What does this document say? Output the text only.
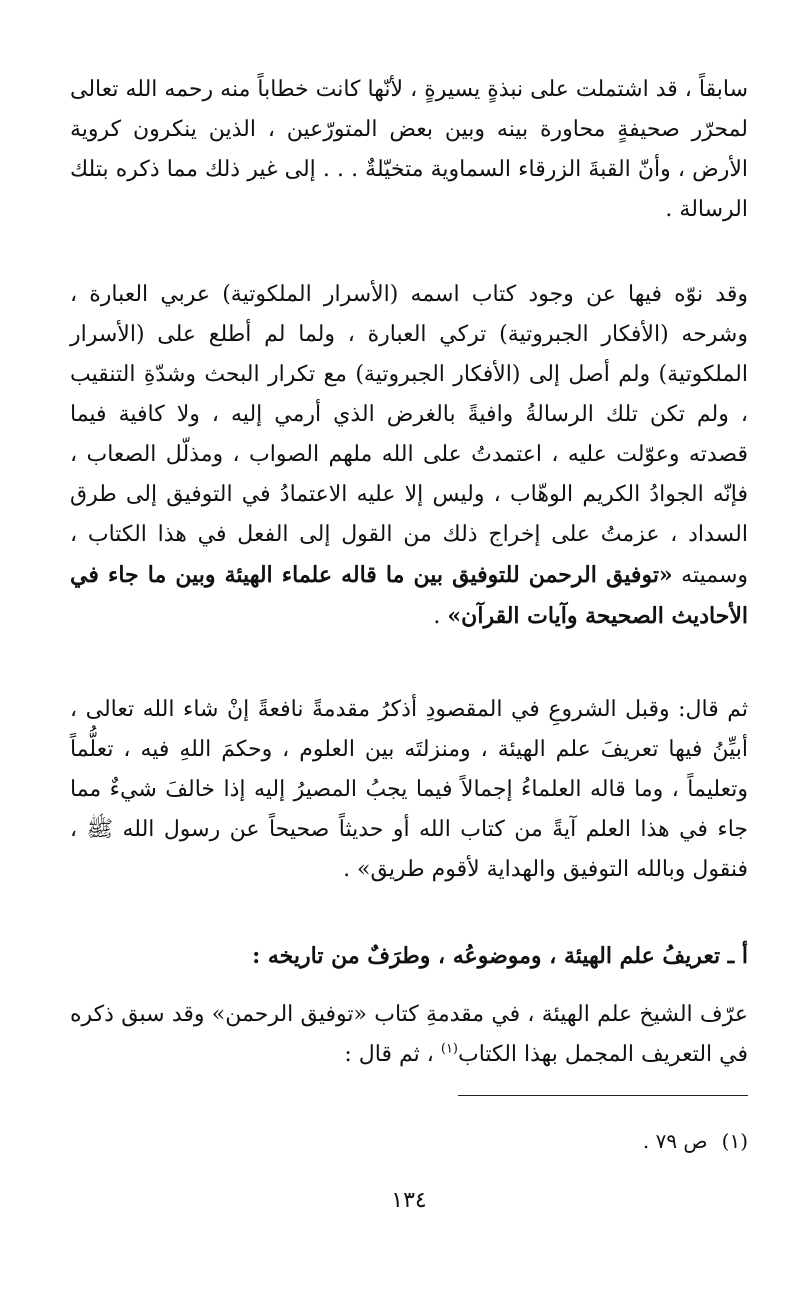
سابقاً ، قد اشتملت على نبذةٍ يسيرةٍ ، لأنّها كانت خطاباً منه رحمه الله تعالى لمحرّر صحيفةٍ محاورة بينه وبين بعض المتورّعين ، الذين ينكرون كروية الأرض ، وأنّ القبةَ الزرقاء السماوية متخيّلةٌ . . . إلى غير ذلك مما ذكره بتلك الرسالة .

وقد نوّه فيها عن وجود كتاب اسمه (الأسرار الملكوتية) عربي العبارة ، وشرحه (الأفكار الجبروتية) تركي العبارة ، ولما لم أطلع على (الأسرار الملكوتية) ولم أصل إلى (الأفكار الجبروتية) مع تكرار البحث وشدّةِ التنقيب ، ولم تكن تلك الرسالةُ وافيةً بالغرض الذي أرمي إليه ، ولا كافية فيما قصدته وعوّلت عليه ، اعتمدتُ على الله ملهم الصواب ، ومذلّل الصعاب ، فإنّه الجوادُ الكريم الوهّاب ، وليس إلا عليه الاعتمادُ في التوفيق إلى طرق السداد ، عزمتُ على إخراج ذلك من القول إلى الفعل في هذا الكتاب ، وسميته «توفيق الرحمن للتوفيق بين ما قاله علماء الهيئة وبين ما جاء في الأحاديث الصحيحة وآيات القرآن» .

ثم قال: وقبل الشروعِ في المقصودِ أذكرُ مقدمةً نافعةً إنْ شاء الله تعالى ، أبيِّنُ فيها تعريفَ علم الهيئة ، ومنزلتَه بين العلوم ، وحكمَ اللهِ فيه ، تعلُّماً وتعليماً ، وما قاله العلماءُ إجمالاً فيما يجبُ المصيرُ إليه إذا خالفَ شيءٌ مما جاء في هذا العلم آيةً من كتاب الله أو حديثاً صحيحاً عن رسول الله ﷺ ، فنقول وبالله التوفيق والهداية لأقوم طريق» .

أ ـ تعريفُ علم الهيئة ، وموضوعُه ، وطرَفٌ من تاريخه :

عرّف الشيخ علم الهيئة ، في مقدمةِ كتاب «توفيق الرحمن» وقد سبق ذكره في التعريف المجمل بهذا الكتاب$^{(١)}$ ، ثم قال :

(١)ص ٧٩ .

١٣٤
